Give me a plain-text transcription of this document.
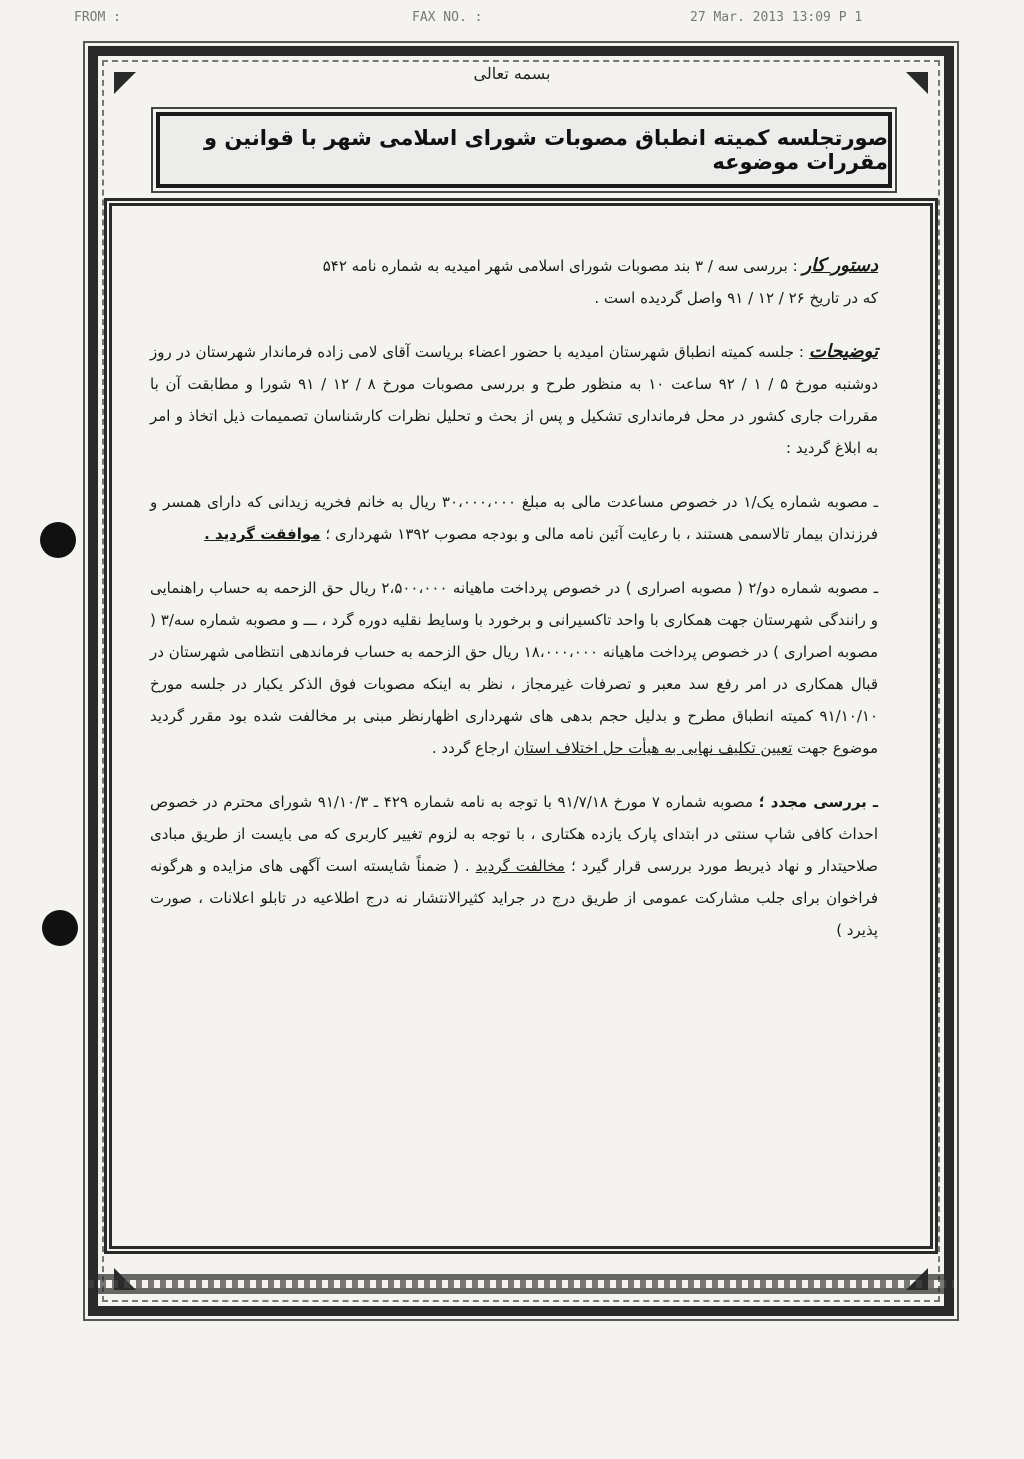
FROM :	FAX NO. :	27 Mar. 2013 13:09 P 1
بسمه تعالی
صورتجلسه کمیته انطباق مصوبات شورای اسلامی شهر با قوانین و مقررات موضوعه

دستور کار : بررسی سه / ۳ بند مصوبات شورای اسلامی شهر امیدیه به شماره نامه ۵۴۲
که در تاریخ ۲۶ / ۱۲ / ۹۱ واصل گردیده است .

توضیحات : جلسه کمیته انطباق شهرستان امیدیه با حضور اعضاء بریاست آقای لامی زاده فرماندار شهرستان در روز دوشنبه مورخ ۵ / ۱ / ۹۲ ساعت ۱۰ به منظور طرح و بررسی مصوبات مورخ ۸ / ۱۲ / ۹۱ شورا و مطابقت آن با مقررات جاری کشور در محل فرمانداری تشکیل و پس از بحث و تحلیل نظرات کارشناسان تصمیمات ذیل اتخاذ و امر به ابلاغ گردید :

ـ مصوبه شماره یک/۱ در خصوص مساعدت مالی به مبلغ ۳۰،۰۰۰،۰۰۰ ریال به خانم فخریه زیدانی که دارای همسر و فرزندان بیمار تالاسمی هستند ، با رعایت آئین نامه مالی و بودجه مصوب ۱۳۹۲ شهرداری ؛ موافقت گردید .

ـ مصوبه شماره دو/۲ ( مصوبه اصراری ) در خصوص پرداخت ماهیانه ۲،۵۰۰،۰۰۰ ریال حق الزحمه به حساب راهنمایی و رانندگی شهرستان جهت همکاری با واحد تاکسیرانی و برخورد با وسایط نقلیه دوره گرد ، ـــ و مصوبه شماره سه/۳ ( مصوبه اصراری ) در خصوص پرداخت ماهیانه ۱۸،۰۰۰،۰۰۰ ریال حق الزحمه به حساب فرماندهی انتظامی شهرستان در قبال همکاری در امر رفع سد معبر و تصرفات غیرمجاز ، نظر به اینکه مصوبات فوق الذکر یکبار در جلسه مورخ ۹۱/۱۰/۱۰ کمیته انطباق مطرح و بدلیل حجم بدهی های شهرداری اظهارنظر مبنی بر مخالفت شده بود مقرر گردید موضوع جهت تعیین تکلیف نهایی به هیأت حل اختلاف استان ارجاع گردد .

ـ بررسی مجدد ؛ مصوبه شماره ۷ مورخ ۹۱/۷/۱۸ با توجه به نامه شماره ۴۲۹ ـ ۹۱/۱۰/۳ شورای محترم در خصوص احداث کافی شاپ سنتی در ابتدای پارک یازده هکتاری ، با توجه به لزوم تغییر کاربری که می بایست از طریق مبادی صلاحیتدار و نهاد ذیربط مورد بررسی قرار گیرد ؛ مخالفت گردید . ( ضمناً شایسته است آگهی های مزایده و هرگونه فراخوان برای جلب مشارکت عمومی از طریق درج در جراید کثیرالانتشار نه درج اطلاعیه در تابلو اعلانات ، صورت پذیرد )
